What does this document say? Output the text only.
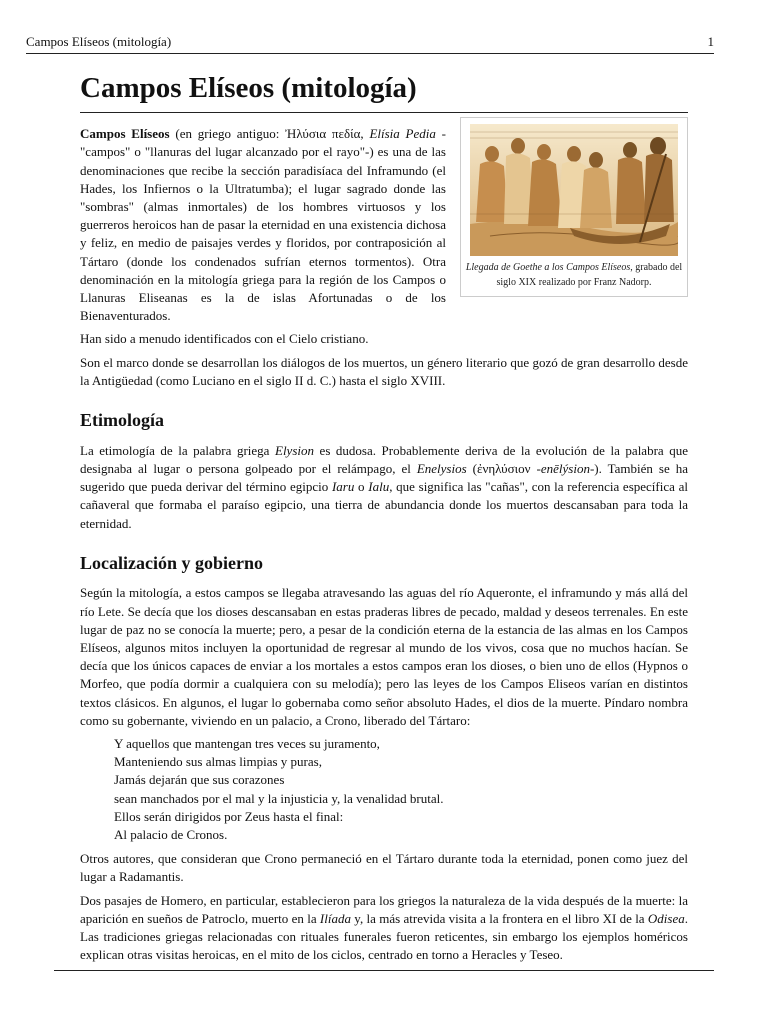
Campos Elíseos (mitología)	1
Campos Elíseos (mitología)
Llegada de Goethe a los Campos Elíseos, grabado del siglo XIX realizado por Franz Nadorp.

Campos Elíseos (en griego antiguo: Ἠλύσια πεδία, Elísia Pedia -"campos" o "llanuras del lugar alcanzado por el rayo"-) es una de las denominaciones que recibe la sección paradisíaca del Inframundo (el Hades, los Infiernos o la Ultratumba); el lugar sagrado donde las "sombras" (almas inmortales) de los hombres virtuosos y los guerreros heroicos han de pasar la eternidad en una existencia dichosa y feliz, en medio de paisajes verdes y floridos, por contraposición al Tártaro (donde los condenados sufrían eternos tormentos). Otra denominación en la mitología griega para la región de los Campos o Llanuras Eliseanas es la de islas Afortunadas o de los Bienaventurados.

Han sido a menudo identificados con el Cielo cristiano.

Son el marco donde se desarrollan los diálogos de los muertos, un género literario que gozó de gran desarrollo desde la Antigüedad (como Luciano en el siglo II d. C.) hasta el siglo XVIII.

Etimología

La etimología de la palabra griega Elysion es dudosa. Probablemente deriva de la evolución de la palabra que designaba al lugar o persona golpeado por el relámpago, el Enelysios (ἐνηλύσιον -enēlýsion-). También se ha sugerido que pueda derivar del término egipcio Iaru o Ialu, que significa las "cañas", con la referencia específica al cañaveral que formaba el paraíso egipcio, una tierra de abundancia donde los muertos descansaban para toda la eternidad.

Localización y gobierno

Según la mitología, a estos campos se llegaba atravesando las aguas del río Aqueronte, el inframundo y más allá del río Lete. Se decía que los dioses descansaban en estas praderas libres de pecado, maldad y deseos terrenales. En este lugar de paz no se conocía la muerte; pero, a pesar de la condición eterna de la estancia de las almas en los Campos Elíseos, algunos mitos incluyen la oportunidad de regresar al mundo de los vivos, cosa que no muchos hacían. Se decía que los únicos capaces de enviar a los mortales a estos campos eran los dioses, o bien uno de ellos (Hypnos o Morfeo, que podía dormir a cualquiera con su melodía); pero las leyes de los Campos Eliseos varían en distintos textos clásicos. En algunos, el lugar lo gobernaba como señor absoluto Hades, el dios de la muerte. Píndaro nombra como su gobernante, viviendo en un palacio, a Crono, liberado del Tártaro:

Y aquellos que mantengan tres veces su juramento,
Manteniendo sus almas limpias y puras,
Jamás dejarán que sus corazones
sean manchados por el mal y la injusticia y, la venalidad brutal.
Ellos serán dirigidos por Zeus hasta el final:
Al palacio de Cronos.

Otros autores, que consideran que Crono permaneció en el Tártaro durante toda la eternidad, ponen como juez del lugar a Radamantis.

Dos pasajes de Homero, en particular, establecieron para los griegos la naturaleza de la vida después de la muerte: la aparición en sueños de Patroclo, muerto en la Ilíada y, la más atrevida visita a la frontera en el libro XI de la Odisea. Las tradiciones griegas relacionadas con rituales funerales fueron reticentes, sin embargo los ejemplos homéricos explican otras visitas heroicas, en el mito de los ciclos, centrado en torno a Heracles y Teseo.
